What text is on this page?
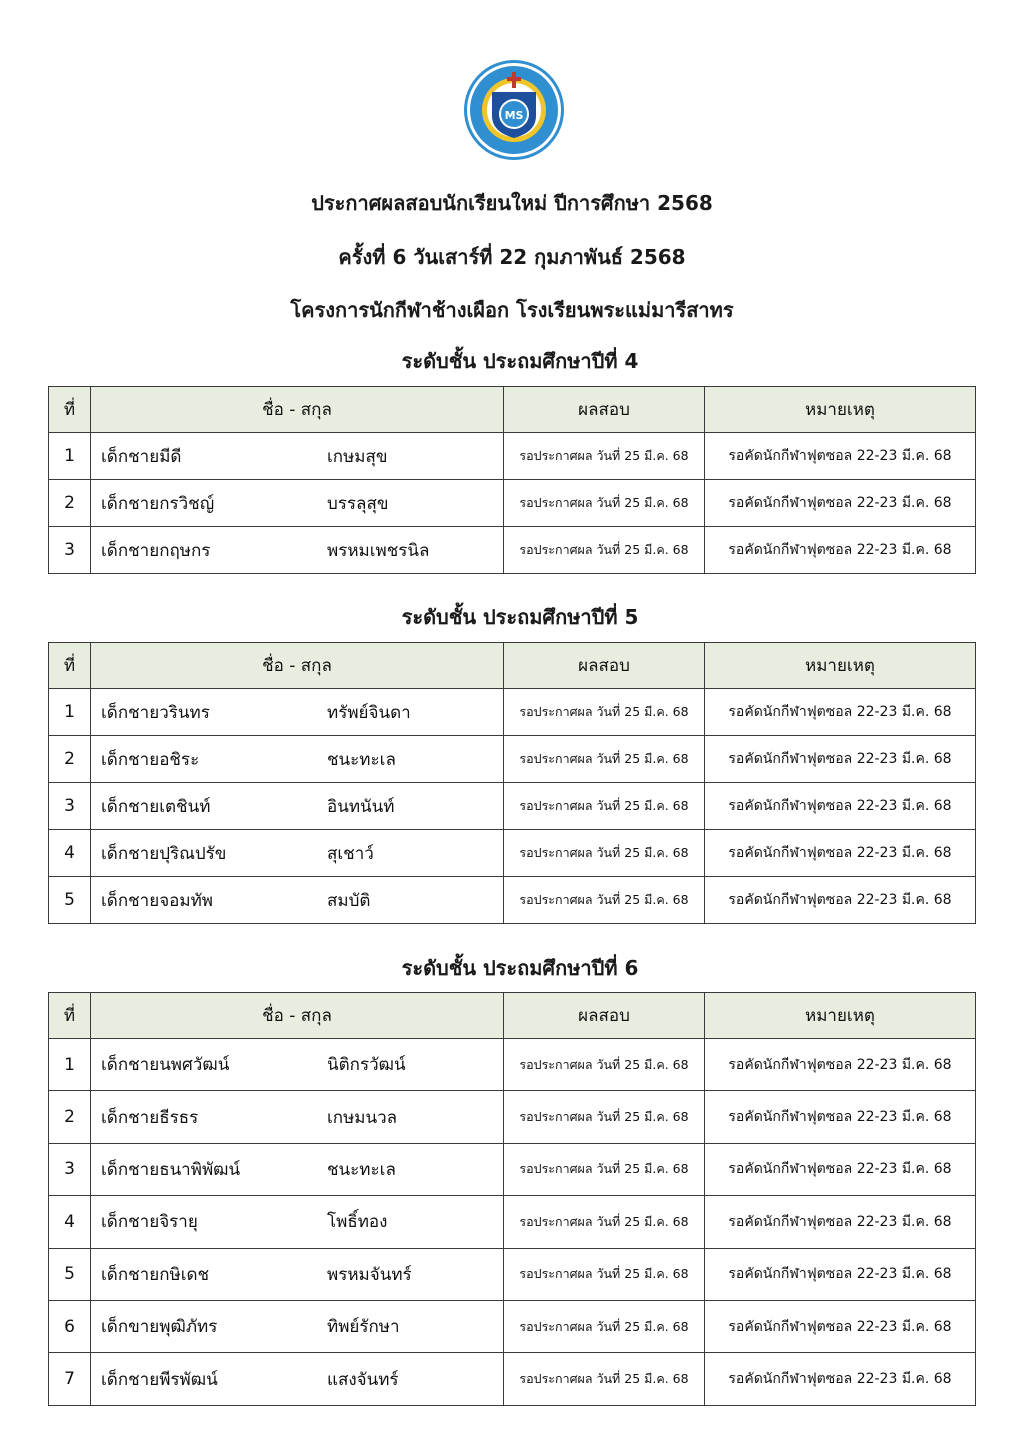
MS
ประกาศผลสอบนักเรียนใหม่ ปีการศึกษา 2568
ครั้งที่ 6 วันเสาร์ที่ 22 กุมภาพันธ์ 2568
โครงการนักกีฬาช้างเผือก โรงเรียนพระแม่มารีสาทร
ระดับชั้น ประถมศึกษาปีที่ 4
ระดับชั้น ประถมศึกษาปีที่ 5
ระดับชั้น ประถมศึกษาปีที่ 6
ที่	ชื่อ - สกุล	ผลสอบ	หมายเหตุ
1	เด็กชายมีดี เกษมสุข	รอประกาศผล วันที่ 25 มี.ค. 68	รอคัดนักกีฬาฟุตซอล 22-23 มี.ค. 68
2	เด็กชายกรวิชญ์ บรรลุสุข	รอประกาศผล วันที่ 25 มี.ค. 68	รอคัดนักกีฬาฟุตซอล 22-23 มี.ค. 68
3	เด็กชายกฤษกร พรหมเพชรนิล	รอประกาศผล วันที่ 25 มี.ค. 68	รอคัดนักกีฬาฟุตซอล 22-23 มี.ค. 68
ที่	ชื่อ - สกุล	ผลสอบ	หมายเหตุ
1	เด็กชายวรินทร ทรัพย์จินดา	รอประกาศผล วันที่ 25 มี.ค. 68	รอคัดนักกีฬาฟุตซอล 22-23 มี.ค. 68
2	เด็กชายอชิระ ชนะทะเล	รอประกาศผล วันที่ 25 มี.ค. 68	รอคัดนักกีฬาฟุตซอล 22-23 มี.ค. 68
3	เด็กชายเตชินท์ อินทนันท์	รอประกาศผล วันที่ 25 มี.ค. 68	รอคัดนักกีฬาฟุตซอล 22-23 มี.ค. 68
4	เด็กชายปุริณปรัข สุเชาว์	รอประกาศผล วันที่ 25 มี.ค. 68	รอคัดนักกีฬาฟุตซอล 22-23 มี.ค. 68
5	เด็กชายจอมทัพ สมบัติ	รอประกาศผล วันที่ 25 มี.ค. 68	รอคัดนักกีฬาฟุตซอล 22-23 มี.ค. 68
ที่	ชื่อ - สกุล	ผลสอบ	หมายเหตุ
1	เด็กชายนพศวัฒน์ นิติกรวัฒน์	รอประกาศผล วันที่ 25 มี.ค. 68	รอคัดนักกีฬาฟุตซอล 22-23 มี.ค. 68
2	เด็กชายธีรธร เกษมนวล	รอประกาศผล วันที่ 25 มี.ค. 68	รอคัดนักกีฬาฟุตซอล 22-23 มี.ค. 68
3	เด็กชายธนาพิพัฒน์ ชนะทะเล	รอประกาศผล วันที่ 25 มี.ค. 68	รอคัดนักกีฬาฟุตซอล 22-23 มี.ค. 68
4	เด็กชายจิรายุ โพธิ์ทอง	รอประกาศผล วันที่ 25 มี.ค. 68	รอคัดนักกีฬาฟุตซอล 22-23 มี.ค. 68
5	เด็กชายกษิเดช พรหมจันทร์	รอประกาศผล วันที่ 25 มี.ค. 68	รอคัดนักกีฬาฟุตซอล 22-23 มี.ค. 68
6	เด็กขายพุฒิภัทร ทิพย์รักษา	รอประกาศผล วันที่ 25 มี.ค. 68	รอคัดนักกีฬาฟุตซอล 22-23 มี.ค. 68
7	เด็กชายพีรพัฒน์ แสงจันทร์	รอประกาศผล วันที่ 25 มี.ค. 68	รอคัดนักกีฬาฟุตซอล 22-23 มี.ค. 68
